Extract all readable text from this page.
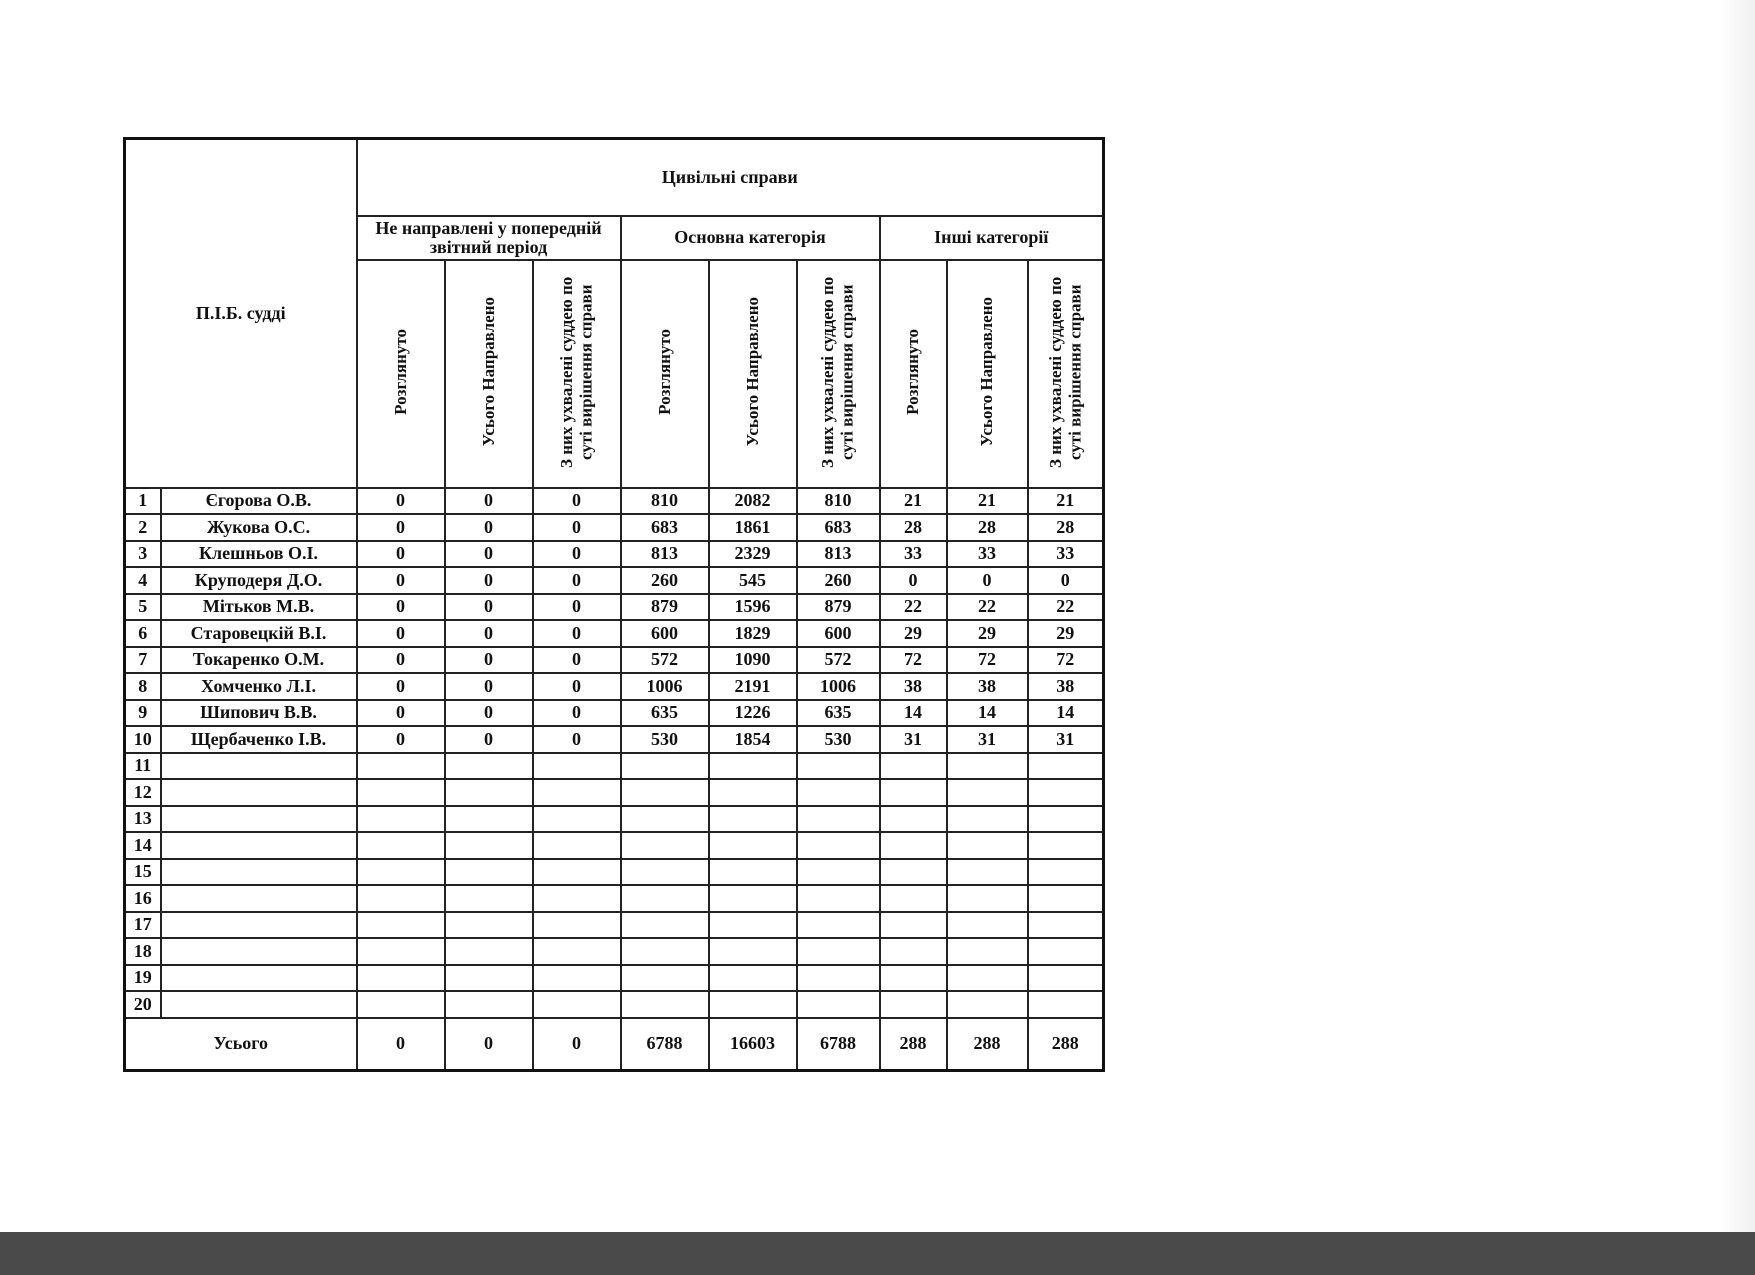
П.І.Б. судді		Цивільні справи								
		Не направлені у попередній звітний період			Основна категорія			Інші категорії		
		Розглянуто	Усього Направлено	З них ухвалені суддею по суті вирішення справи	Розглянуто	Усього Направлено	З них ухвалені суддею по суті вирішення справи	Розглянуто	Усього Направлено	З них ухвалені суддею по суті вирішення справи
1	Єгорова О.В.	0	0	0	810	2082	810	21	21	21
2	Жукова О.С.	0	0	0	683	1861	683	28	28	28
3	Клешньов О.І.	0	0	0	813	2329	813	33	33	33
4	Круподеря Д.О.	0	0	0	260	545	260	0	0	0
5	Мітьков М.В.	0	0	0	879	1596	879	22	22	22
6	Старовецкій В.І.	0	0	0	600	1829	600	29	29	29
7	Токаренко О.М.	0	0	0	572	1090	572	72	72	72
8	Хомченко Л.І.	0	0	0	1006	2191	1006	38	38	38
9	Шипович В.В.	0	0	0	635	1226	635	14	14	14
10	Щербаченко І.В.	0	0	0	530	1854	530	31	31	31
11										
12										
13										
14										
15										
16										
17										
18										
19										
20										
Усього		0	0	0	6788	16603	6788	288	288	288
